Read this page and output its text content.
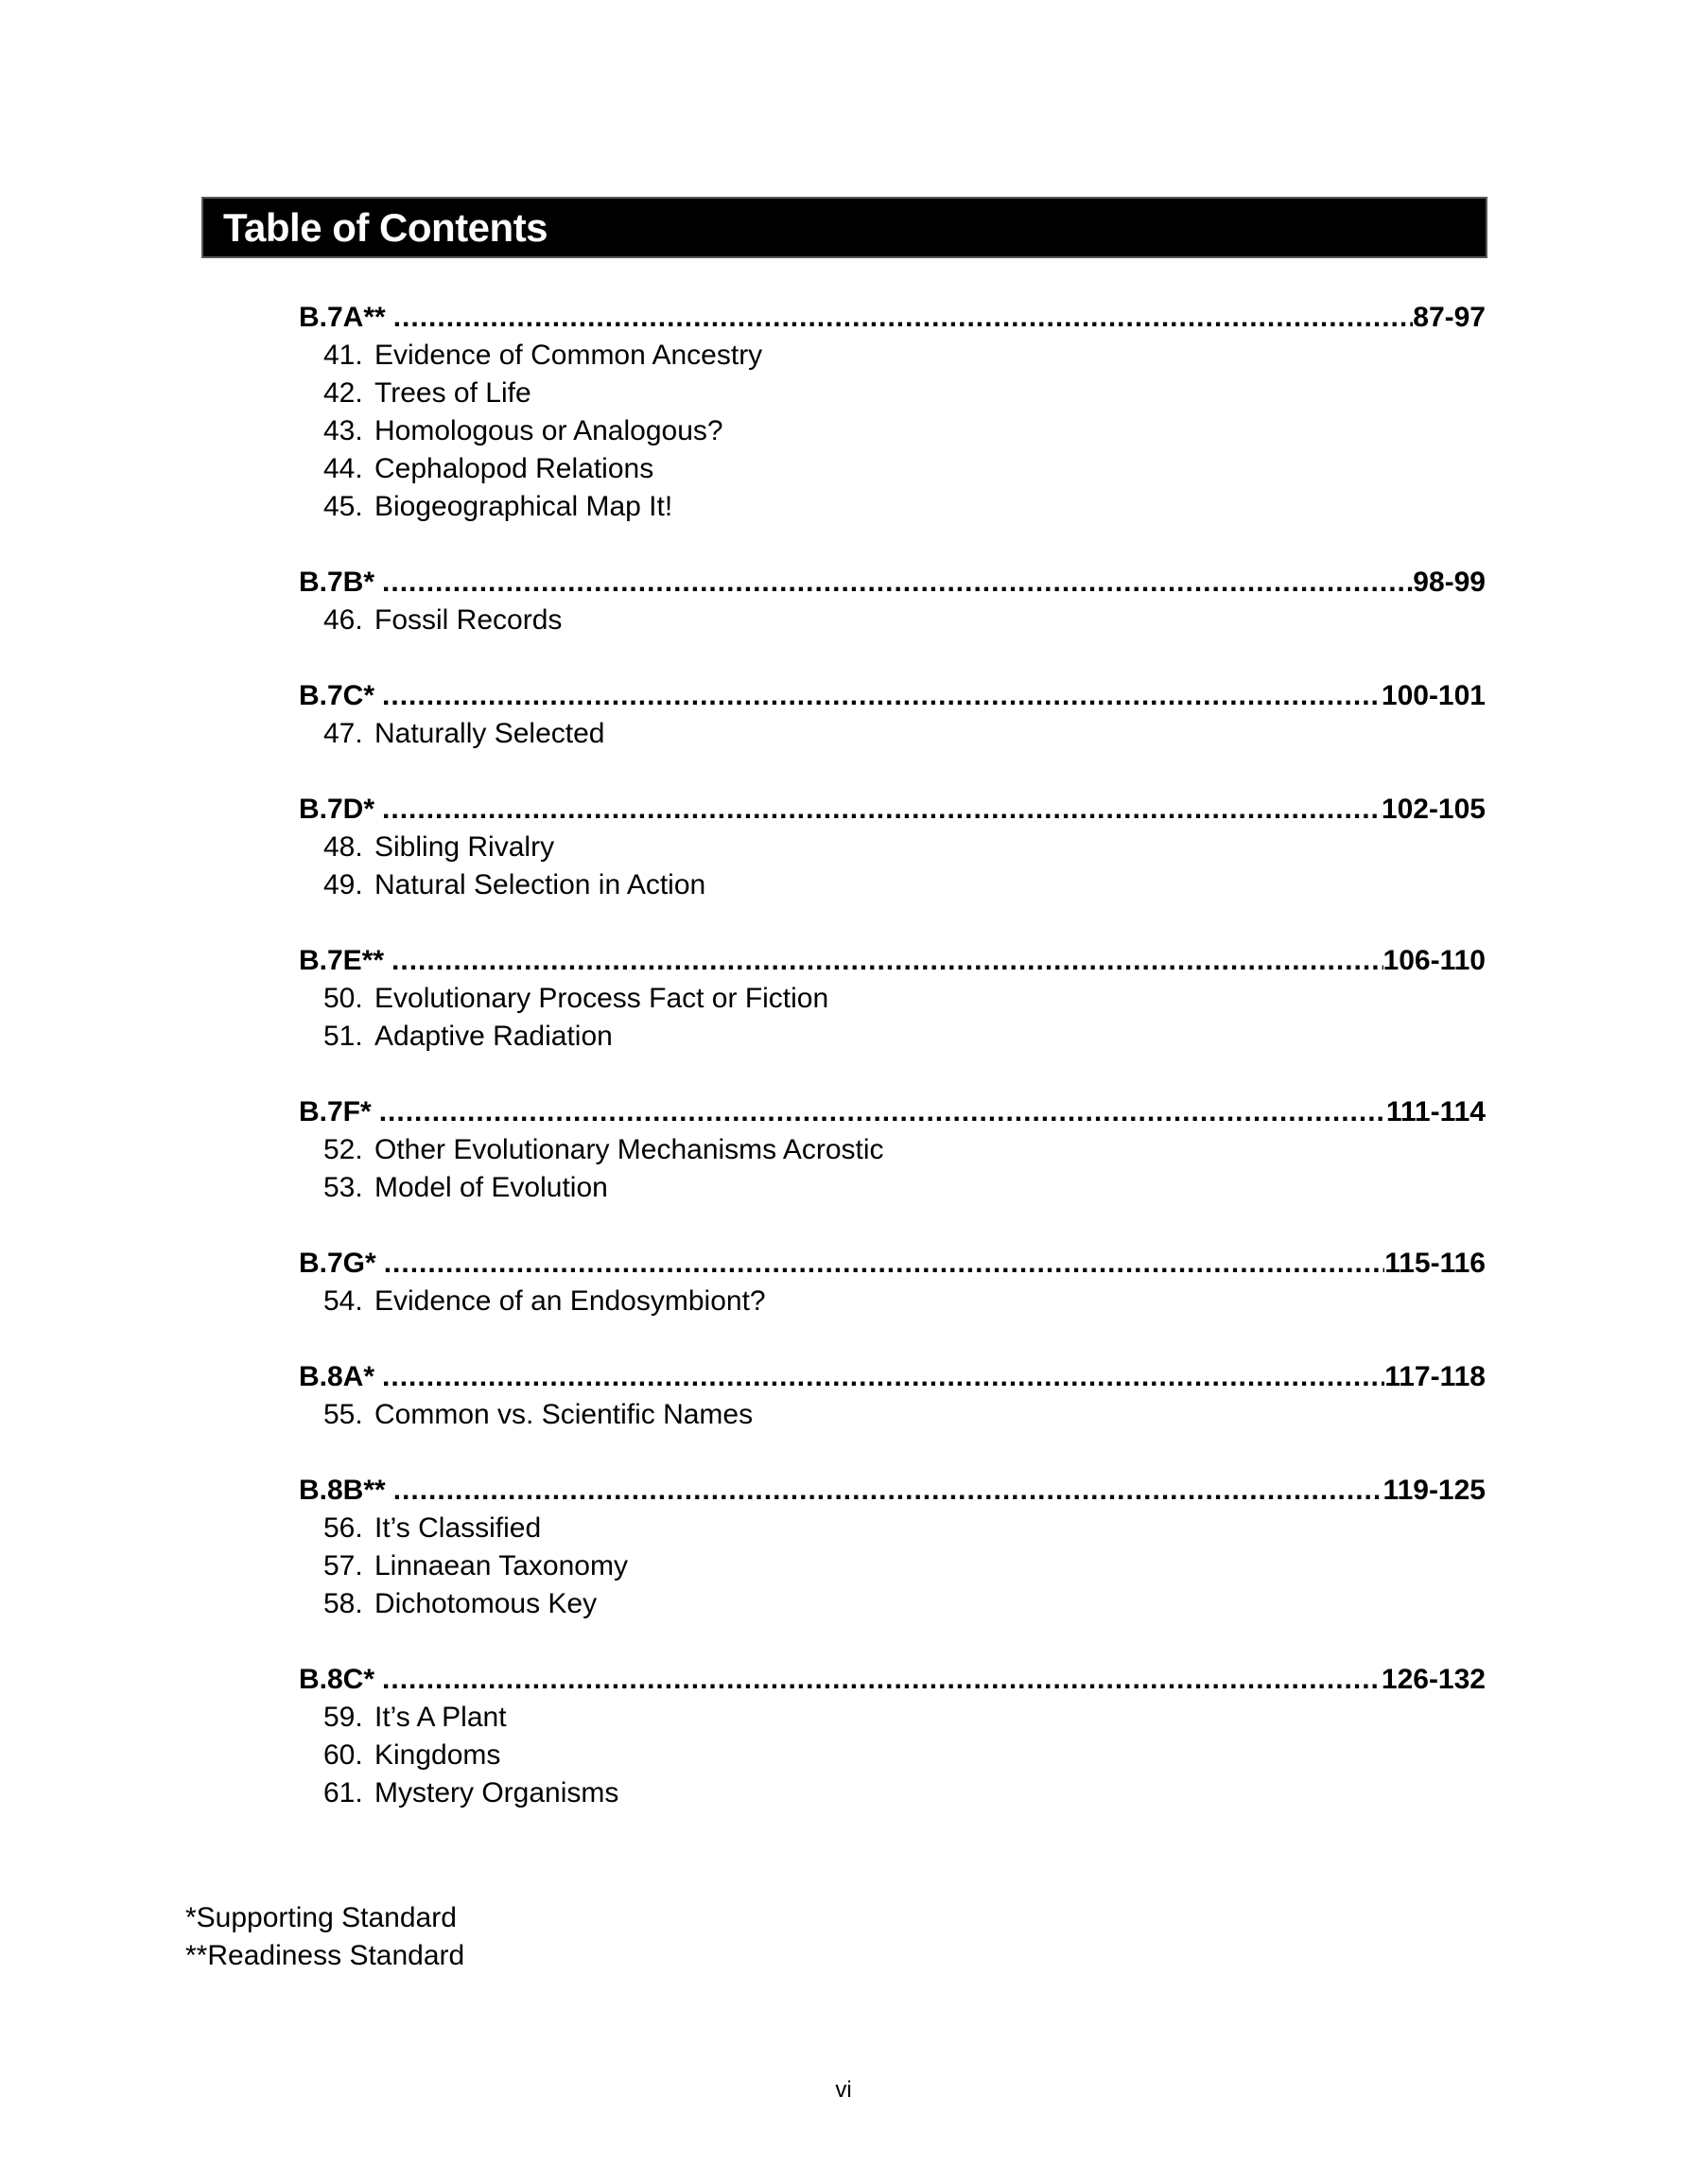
Table of Contents
B.7A** .....	87-97
41. Evidence of Common Ancestry
42. Trees of Life
43. Homologous or Analogous?
44. Cephalopod Relations
45. Biogeographical Map It!
B.7B* .....	98-99
46. Fossil Records
B.7C* .....	100-101
47. Naturally Selected
B.7D* .....	102-105
48. Sibling Rivalry
49. Natural Selection in Action
B.7E** .....	106-110
50. Evolutionary Process Fact or Fiction
51. Adaptive Radiation
B.7F* .....	111-114
52. Other Evolutionary Mechanisms Acrostic
53. Model of Evolution
B.7G* .....	115-116
54. Evidence of an Endosymbiont?
B.8A* .....	117-118
55. Common vs. Scientific Names
B.8B** .....	119-125
56. It’s Classified
57. Linnaean Taxonomy
58. Dichotomous Key
B.8C* .....	126-132
59. It’s A Plant
60. Kingdoms
61. Mystery Organisms
*Supporting Standard
**Readiness Standard
vi
